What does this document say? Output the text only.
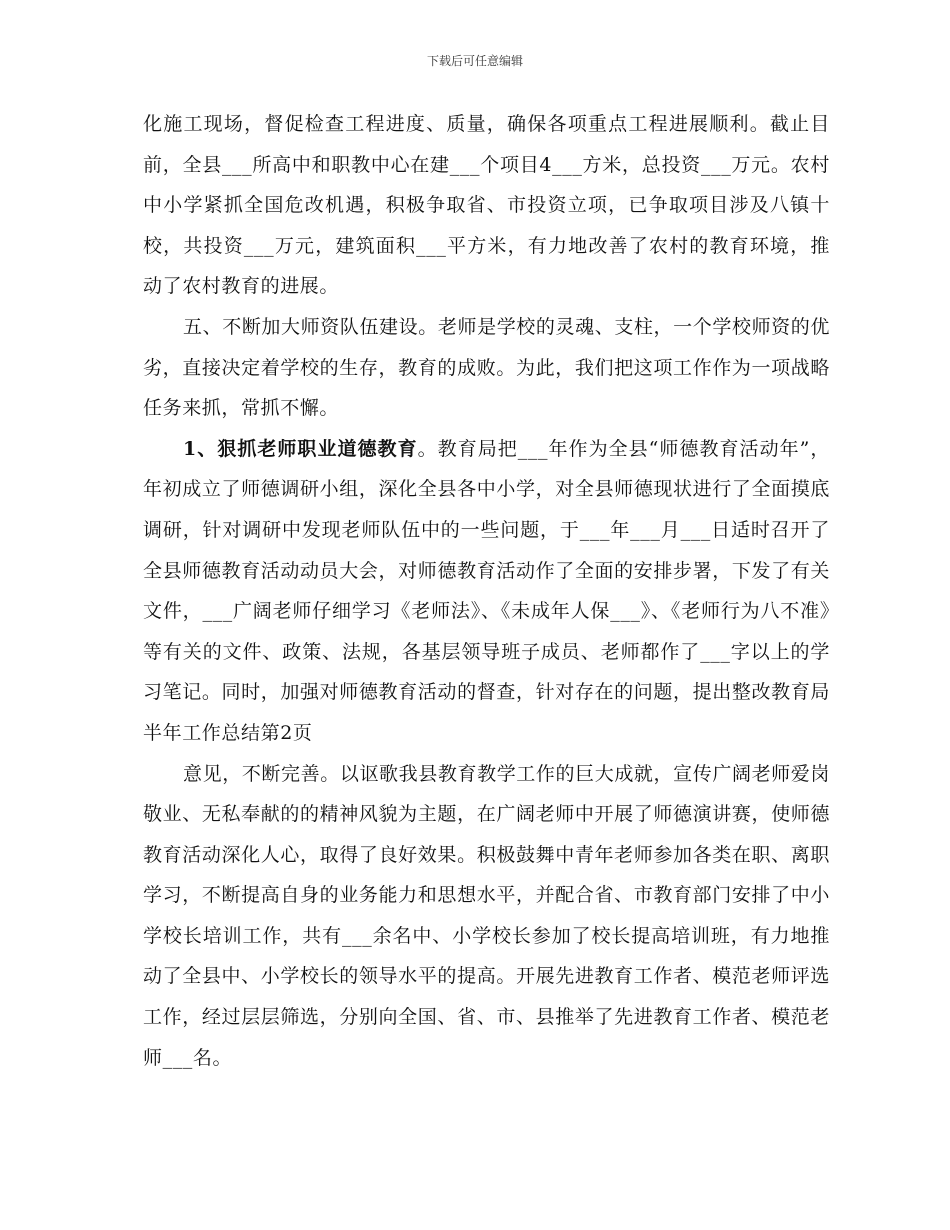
下载后可任意编辑

化施工现场，督促检查工程进度、质量，确保各项重点工程进展顺利。截止目前，全县___所高中和职教中心在建___个项目4___方米，总投资___万元。农村中小学紧抓全国危改机遇，积极争取省、市投资立项，已争取项目涉及八镇十校，共投资___万元，建筑面积___平方米，有力地改善了农村的教育环境，推动了农村教育的进展。

五、不断加大师资队伍建设。老师是学校的灵魂、支柱，一个学校师资的优劣，直接决定着学校的生存，教育的成败。为此，我们把这项工作作为一项战略任务来抓，常抓不懈。

1、狠抓老师职业道德教育。教育局把___年作为全县“师德教育活动年”，年初成立了师德调研小组，深化全县各中小学，对全县师德现状进行了全面摸底调研，针对调研中发现老师队伍中的一些问题，于___年___月___日适时召开了全县师德教育活动动员大会，对师德教育活动作了全面的安排步署，下发了有关文件，___广阔老师仔细学习《老师法》、《未成年人保___》、《老师行为八不准》等有关的文件、政策、法规，各基层领导班子成员、老师都作了___字以上的学习笔记。同时，加强对师德教育活动的督查，针对存在的问题，提出整改教育局半年工作总结第2页

意见，不断完善。以讴歌我县教育教学工作的巨大成就，宣传广阔老师爱岗敬业、无私奉献的的精神风貌为主题，在广阔老师中开展了师德演讲赛，使师德教育活动深化人心，取得了良好效果。积极鼓舞中青年老师参加各类在职、离职学习，不断提高自身的业务能力和思想水平，并配合省、市教育部门安排了中小学校长培训工作，共有___余名中、小学校长参加了校长提高培训班，有力地推动了全县中、小学校长的领导水平的提高。开展先进教育工作者、模范老师评选工作，经过层层筛选，分别向全国、省、市、县推举了先进教育工作者、模范老师___名。
